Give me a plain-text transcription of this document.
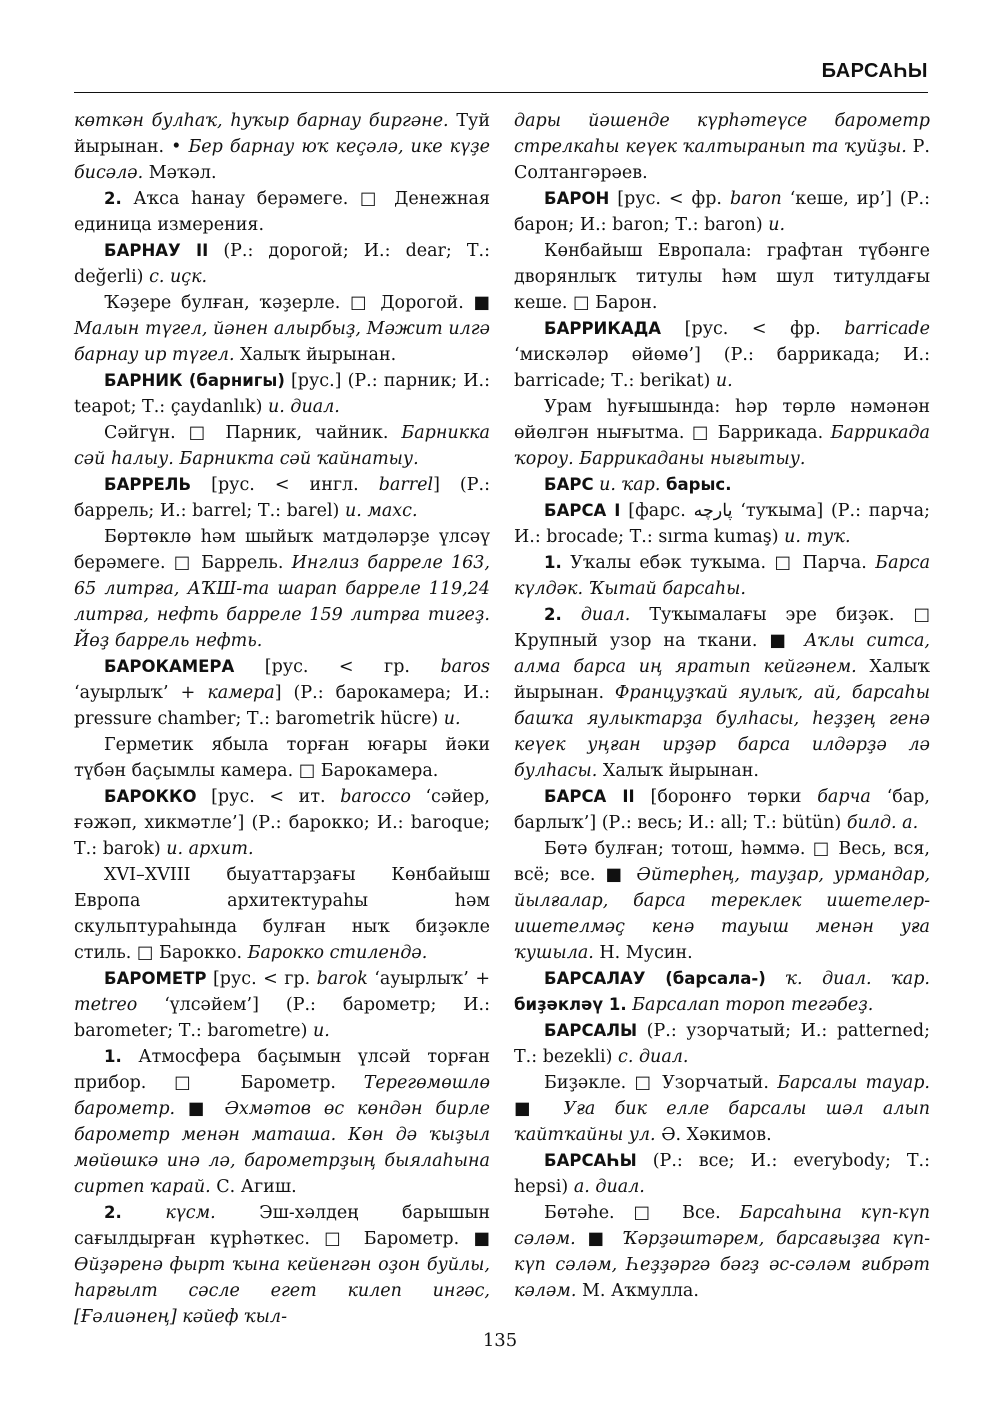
БАРСАҺЫ

көткән булһаҡ, һуҡыр барнау биргәне. Туй йырынан. • Бер барнау юҡ кеҫәлә, ике күҙе бисәлә. Мәҡәл.

2. Аҡса һанау берәмеге. □ Денежная единица измерения.

БАРНАУ II (Р.: дорогой; И.: dear; Т.: değerli) с. иҫк.

Ҡәҙере булған, ҡәҙерле. □ Дорогой. ■ Малын түгел, йәнен алырбыҙ, Мәжит илгә барнау ир түгел. Халыҡ йырынан.

БАРНИК (барнигы) [рус.] (Р.: парник; И.: teapot; Т.: çaydanlık) и. диал.

Сәйгүн. □ Парник, чайник. Барникка сәй һалыу. Барникта сәй ҡайнатыу.

БАРРЕЛЬ [рус. < ингл. barrel] (Р.: баррель; И.: barrel; Т.: barel) и. махс.

Бөртөклө һәм шыйыҡ матдәләрҙе үлсәү берәмеге. □ Баррель. Инглиз барреле 163, 65 литрға, АҠШ-та шарап барреле 119,24 литрға, нефть барреле 159 литрға тигеҙ. Йөҙ баррель нефть.

БАРОКАМЕРА [рус. < гр. baros ‘ауырлыҡ’ + камера] (Р.: барокамера; И.: pressure chamber; Т.: barometrik hücre) и.

Герметик ябыла торған юғары йәки түбән баҫымлы камера. □ Барокамера.

БАРОККО [рус. < ит. barocco ‘сәйер, ғәжәп, хикмәтле’] (Р.: барокко; И.: baroque; Т.: barok) и. архит.

XVI–XVIII быуаттарҙағы Көнбайыш Европа архитектураһы һәм скульптураһында булған ныҡ биҙәкле стиль. □ Барокко. Барокко стилендә.

БАРОМЕТР [рус. < гр. barok ‘ауырлыҡ’ + metreo ‘үлсәйем’] (Р.: барометр; И.: barometer; Т.: barometre) и.

1. Атмосфера баҫымын үлсәй торған прибор. □ Барометр. Терегөмөшлө барометр. ■ Әхмәтов өс көндән бирле барометр менән маташа. Көн дә ҡыҙыл мөйөшкә инә лә, барометрҙың быялаһына сиртеп ҡарай. С. Агиш.

2. күсм. Эш-хәлдең барышын сағылдырған күрһәткес. □ Барометр. ■ Өйҙәренә фырт ҡына кейенгән оҙон буйлы, һарғылт сәсле егет килеп ингәс, [Ғәлиәнең] кәйеф ҡыл-

дары йәшенде күрһәтеүсе барометр стрелкаһы кеүек ҡалтыранып та ҡуйҙы. Р. Солтангәрәев.

БАРОН [рус. < фр. baron ‘кеше, ир’] (Р.: барон; И.: baron; Т.: baron) и.

Көнбайыш Европала: графтан түбәнге дворянлыҡ титулы һәм шул титулдағы кеше. □ Барон.

БАРРИКАДА [рус. < фр. barricade ‘мискәләр өйөмө’] (Р.: баррикада; И.: barricade; Т.: berikat) и.

Урам һуғышында: һәр төрлө нәмәнән өйөлгән нығытма. □ Баррикада. Баррикада ҡороу. Баррикаданы нығытыу.

БАРС и. ҡар. барыс.

БАРСА I [фарс. پارچه ‘туҡыма] (Р.: парча; И.: brocade; Т.: sırma kumaş) и. туҡ.

1. Уҡалы ебәк туҡыма. □ Парча. Барса күлдәк. Ҡытай барсаһы.

2. диал. Туҡымалағы эре биҙәк. □ Крупный узор на ткани. ■ Аҡлы ситса, алма барса иң яратып кейгәнем. Халыҡ йырынан. Француҙҡай яулыҡ, ай, барсаһы башҡа яулыктарҙа булһасы, һеҙҙең генә кеүек уңған ирҙәр барса илдәрҙә лә булһасы. Халыҡ йырынан.

БАРСА II [боронғо төрки барча ‘бар, барлыҡ’] (Р.: весь; И.: all; Т.: bütün) билд. а.

Бөтә булған; тотош, һәммә. □ Весь, вся, всё; все. ■ Әйтерһең, тауҙар, урмандар, йылғалар, барса тереклек ишетелер-ишетелмәҫ кенә тауыш менән уға ҡушыла. Н. Мусин.

БАРСАЛАУ (барсала-) ҡ. диал. ҡар. биҙәкләү 1. Барсалап тороп тегәбеҙ.

БАРСАЛЫ (Р.: узорчатый; И.: patterned; Т.: bezekli) с. диал.

Биҙәкле. □ Узорчатый. Барсалы тауар. ■ Уға бик елле барсалы шәл алып ҡайтҡайны ул. Ә. Хәкимов.

БАРСАҺЫ (Р.: все; И.: everybody; Т.: hepsi) а. диал.

Бөтәһе. □ Все. Барсаһына күп-күп сәләм. ■ Ҡәрҙәштәрем, барсағыҙға күп-күп сәләм, Һеҙҙәргә бәгҙ әс-сәләм ғибрәт кәләм. М. Аҡмулла.

135
